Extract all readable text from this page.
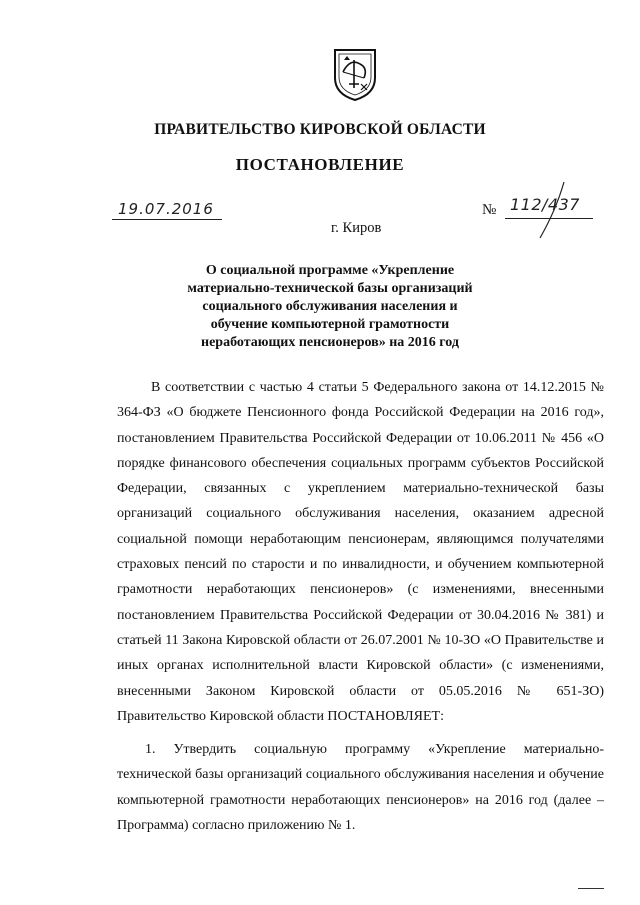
ПРАВИТЕЛЬСТВО КИРОВСКОЙ ОБЛАСТИ
ПОСТАНОВЛЕНИЕ
19.07.2016	№ 112/437
г. Киров
О социальной программе «Укрепление материально-технической базы организаций социального обслуживания населения и обучение компьютерной грамотности неработающих пенсионеров» на 2016 год

В соответствии с частью 4 статьи 5 Федерального закона от 14.12.2015 № 364-ФЗ «О бюджете Пенсионного фонда Российской Федерации на 2016 год», постановлением Правительства Российской Федерации от 10.06.2011 № 456 «О порядке финансового обеспечения социальных программ субъектов Российской Федерации, связанных с укреплением материально-технической базы организаций социального обслуживания населения, оказанием адресной социальной помощи неработающим пенсионерам, являющимся получателями страховых пенсий по старости и по инвалидности, и обучением компьютерной грамотности неработающих пенсионеров» (с изменениями, внесенными постановлением Правительства Российской Федерации от 30.04.2016 № 381) и статьей 11 Закона Кировской области от 26.07.2001 № 10-ЗО «О Правительстве и иных органах исполнительной власти Кировской области» (с изменениями, внесенными Законом Кировской области от 05.05.2016 № 651-ЗО) Правительство Кировской области ПОСТАНОВЛЯЕТ:

1. Утвердить социальную программу «Укрепление материально-технической базы организаций социального обслуживания населения и обучение компьютерной грамотности неработающих пенсионеров» на 2016 год (далее – Программа) согласно приложению № 1.
